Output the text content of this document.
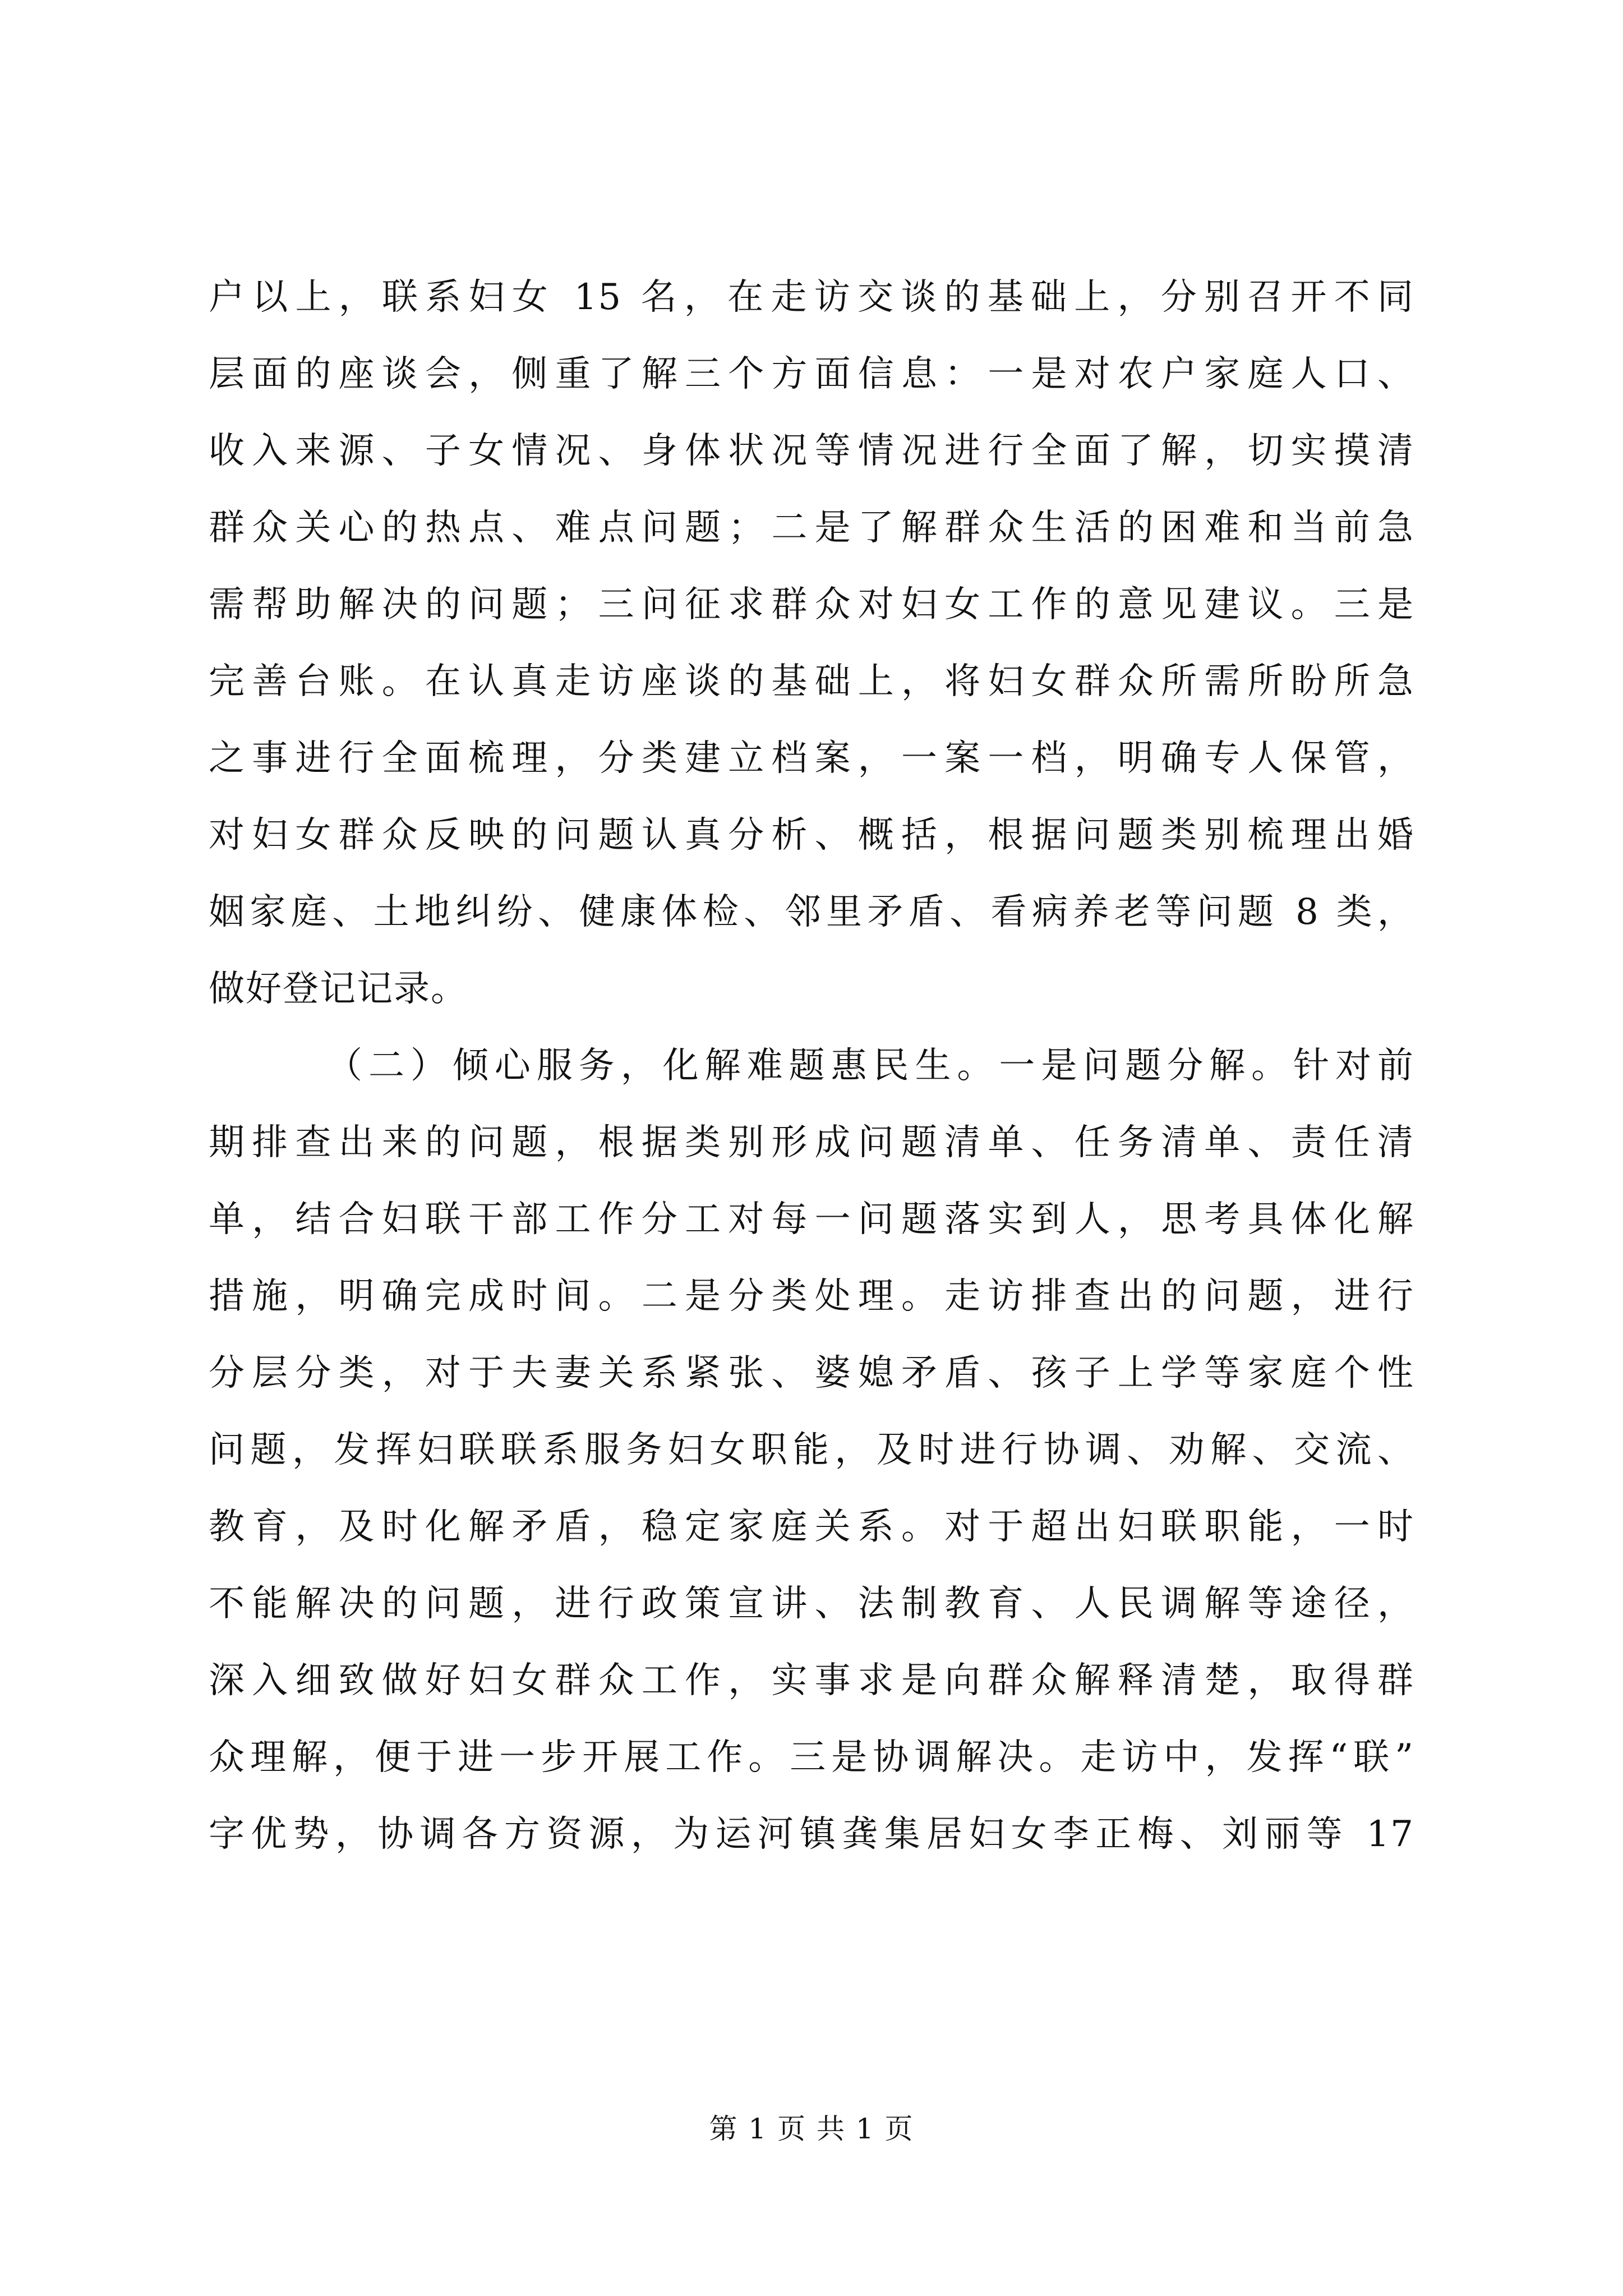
户以上，联系妇女 15 名，在走访交谈的基础上，分别召开不同
层面的座谈会，侧重了解三个方面信息：一是对农户家庭人口、
收入来源、子女情况、身体状况等情况进行全面了解，切实摸清
群众关心的热点、难点问题；二是了解群众生活的困难和当前急
需帮助解决的问题；三问征求群众对妇女工作的意见建议。三是
完善台账。在认真走访座谈的基础上，将妇女群众所需所盼所急
之事进行全面梳理，分类建立档案，一案一档，明确专人保管，
对妇女群众反映的问题认真分析、概括，根据问题类别梳理出婚
姻家庭、土地纠纷、健康体检、邻里矛盾、看病养老等问题 8 类，
做好登记记录。
（二）倾心服务，化解难题惠民生。一是问题分解。针对前
期排查出来的问题，根据类别形成问题清单、任务清单、责任清
单，结合妇联干部工作分工对每一问题落实到人，思考具体化解
措施，明确完成时间。二是分类处理。走访排查出的问题，进行
分层分类，对于夫妻关系紧张、婆媳矛盾、孩子上学等家庭个性
问题，发挥妇联联系服务妇女职能，及时进行协调、劝解、交流、
教育，及时化解矛盾，稳定家庭关系。对于超出妇联职能，一时
不能解决的问题，进行政策宣讲、法制教育、人民调解等途径，
深入细致做好妇女群众工作，实事求是向群众解释清楚，取得群
众理解，便于进一步开展工作。三是协调解决。走访中，发挥“联”
字优势，协调各方资源，为运河镇龚集居妇女李正梅、刘丽等 17
第 1 页 共 1 页
